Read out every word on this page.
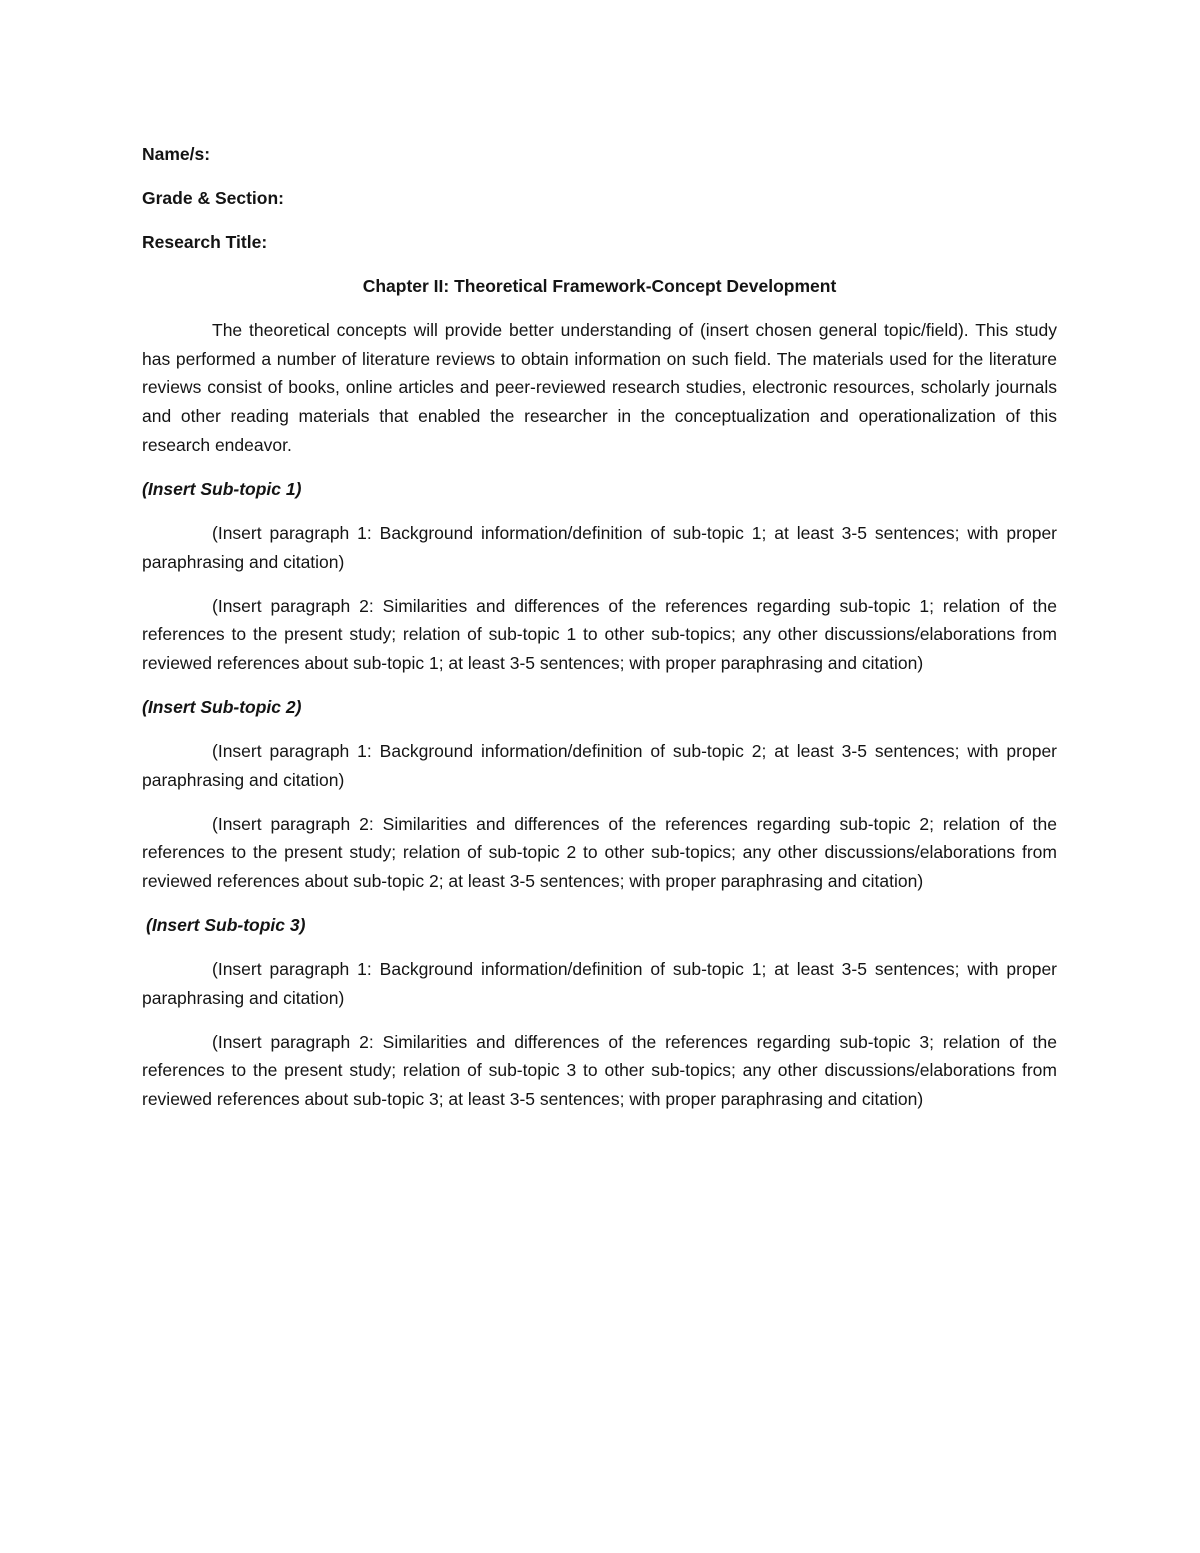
Name/s:

Grade & Section:

Research Title:

Chapter II: Theoretical Framework-Concept Development

The theoretical concepts will provide better understanding of (insert chosen general topic/field). This study has performed a number of literature reviews to obtain information on such field. The materials used for the literature reviews consist of books, online articles and peer-reviewed research studies, electronic resources, scholarly journals and other reading materials that enabled the researcher in the conceptualization and operationalization of this research endeavor.

(Insert Sub-topic 1)

(Insert paragraph 1: Background information/definition of sub-topic 1; at least 3-5 sentences; with proper paraphrasing and citation)

(Insert paragraph 2: Similarities and differences of the references regarding sub-topic 1; relation of the references to the present study; relation of sub-topic 1 to other sub-topics; any other discussions/elaborations from reviewed references about sub-topic 1; at least 3-5 sentences; with proper paraphrasing and citation)

(Insert Sub-topic 2)

(Insert paragraph 1: Background information/definition of sub-topic 2; at least 3-5 sentences; with proper paraphrasing and citation)

(Insert paragraph 2: Similarities and differences of the references regarding sub-topic 2; relation of the references to the present study; relation of sub-topic 2 to other sub-topics; any other discussions/elaborations from reviewed references about sub-topic 2; at least 3-5 sentences; with proper paraphrasing and citation)

(Insert Sub-topic 3)

(Insert paragraph 1: Background information/definition of sub-topic 1; at least 3-5 sentences; with proper paraphrasing and citation)

(Insert paragraph 2: Similarities and differences of the references regarding sub-topic 3; relation of the references to the present study; relation of sub-topic 3 to other sub-topics; any other discussions/elaborations from reviewed references about sub-topic 3; at least 3-5 sentences; with proper paraphrasing and citation)
